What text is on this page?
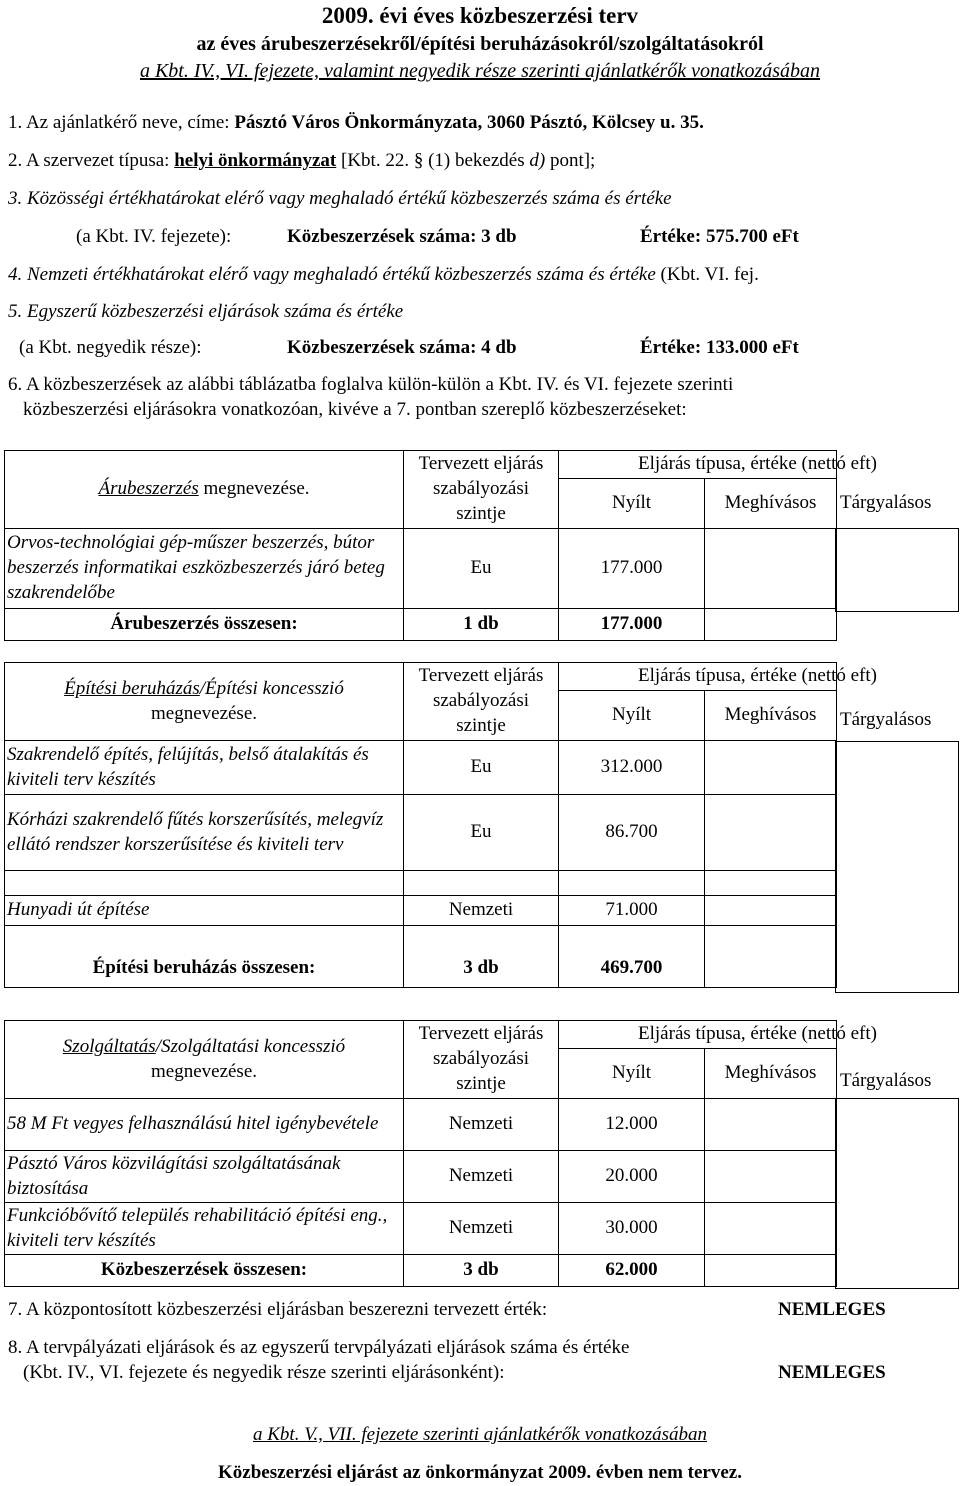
2009. évi éves közbeszerzési terv
az éves árubeszerzésekről/építési beruházásokról/szolgáltatásokról
a Kbt. IV., VI. fejezete, valamint negyedik része szerinti ajánlatkérők vonatkozásában
1. Az ajánlatkérő neve, címe: Pásztó Város Önkormányzata, 3060 Pásztó, Kölcsey u. 35.
2. A szervezet típusa: helyi önkormányzat [Kbt. 22. § (1) bekezdés d) pont];
3. Közösségi értékhatárokat elérő vagy meghaladó értékű közbeszerzés száma és értéke
(a Kbt. IV. fejezete):	Közbeszerzések száma: 3 db	Értéke: 575.700 eFt
4. Nemzeti értékhatárokat elérő vagy meghaladó értékű közbeszerzés száma és értéke (Kbt. VI. fej.
5. Egyszerű közbeszerzési eljárások száma és értéke
(a Kbt. negyedik része):	Közbeszerzések száma: 4 db	Értéke: 133.000 eFt
6. A közbeszerzések az alábbi táblázatba foglalva külön-külön a Kbt. IV. és VI. fejezete szerinti
közbeszerzési eljárásokra vonatkozóan, kivéve a 7. pontban szereplő közbeszerzéseket:
Árubeszerzés megnevezése.	Tervezett eljárás szabályozási szintje	Eljárás típusa, értéke (nettó eft)	
		Nyílt	Meghívásos
Orvos-technológiai gép-műszer beszerzés, bútor beszerzés informatikai eszközbeszerzés járó beteg szakrendelőbe	Eu	177.000	
Árubeszerzés összesen:	1 db	177.000	
Tárgyalásos
Építési beruházás/Építési koncesszió
megnevezése.	Tervezett eljárás szabályozási szintje	Eljárás típusa, értéke (nettó eft)	
		Nyílt	Meghívásos
Szakrendelő építés, felújítás, belső átalakítás és kiviteli terv készítés	Eu	312.000	
Kórházi szakrendelő fűtés korszerűsítés, melegvíz ellátó rendszer korszerűsítése és kiviteli terv	Eu	86.700	

Hunyadi út építése	Nemzeti	71.000	
Építési beruházás összesen:	3 db	469.700	
Tárgyalásos
Szolgáltatás/Szolgáltatási koncesszió
megnevezése.	Tervezett eljárás szabályozási szintje	Eljárás típusa, értéke (nettó eft)	
		Nyílt	Meghívásos
58 M Ft vegyes felhasználású hitel igénybevétele	Nemzeti	12.000	
Pásztó Város közvilágítási szolgáltatásának biztosítása	Nemzeti	20.000	
Funkcióbővítő település rehabilitáció építési eng., kiviteli terv készítés	Nemzeti	30.000	
Közbeszerzések összesen:	3 db	62.000	
Tárgyalásos
7. A központosított közbeszerzési eljárásban beszerezni tervezett érték:	NEMLEGES
8. A tervpályázati eljárások és az egyszerű tervpályázati eljárások száma és értéke
(Kbt. IV., VI. fejezete és negyedik része szerinti eljárásonként):	NEMLEGES
a Kbt. V., VII. fejezete szerinti ajánlatkérők vonatkozásában
Közbeszerzési eljárást az önkormányzat 2009. évben nem tervez.
